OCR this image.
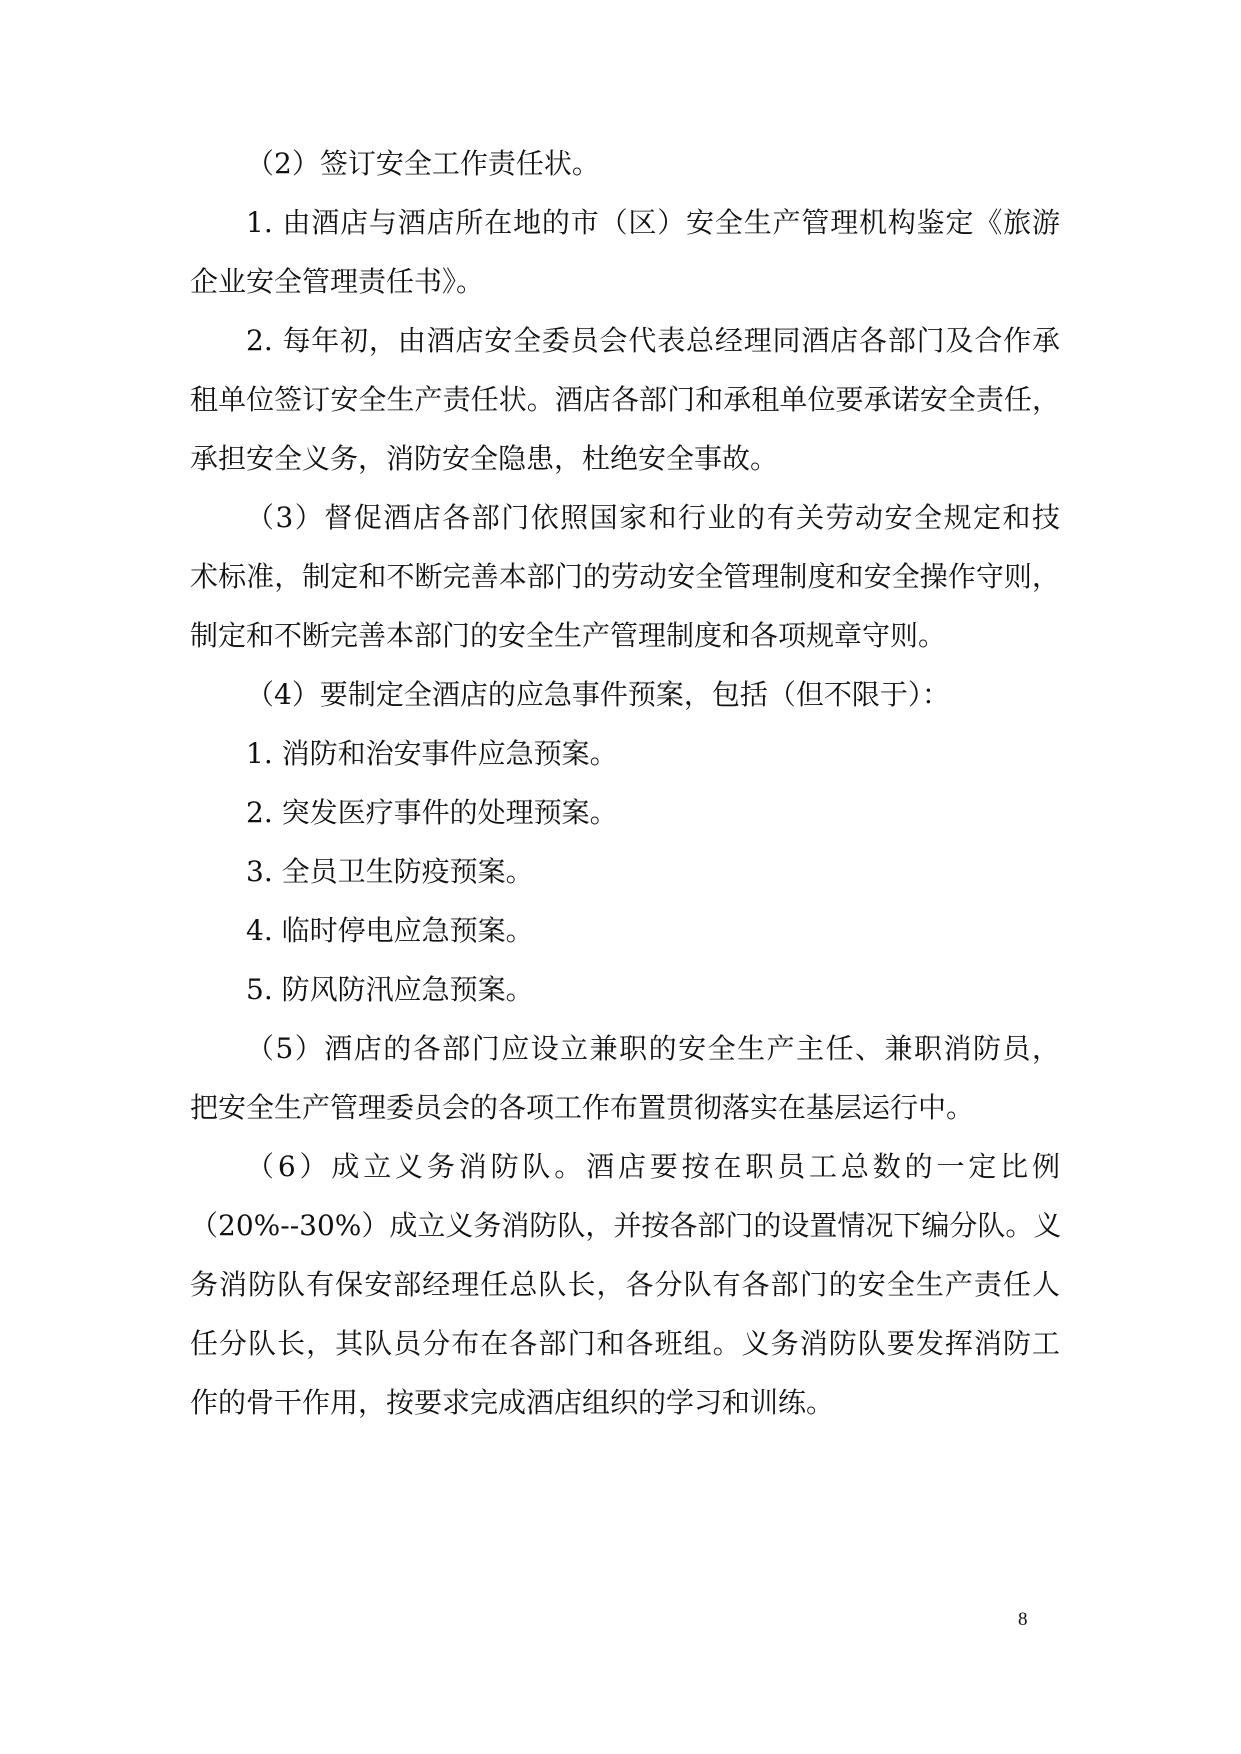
（2）签订安全工作责任状。
1. 由酒店与酒店所在地的市（区）安全生产管理机构鉴定《旅游
企业安全管理责任书》。
2. 每年初，由酒店安全委员会代表总经理同酒店各部门及合作承
租单位签订安全生产责任状。酒店各部门和承租单位要承诺安全责任，
承担安全义务，消防安全隐患，杜绝安全事故。
（3）督促酒店各部门依照国家和行业的有关劳动安全规定和技
术标准，制定和不断完善本部门的劳动安全管理制度和安全操作守则，
制定和不断完善本部门的安全生产管理制度和各项规章守则。
（4）要制定全酒店的应急事件预案，包括（但不限于）：
1. 消防和治安事件应急预案。
2. 突发医疗事件的处理预案。
3. 全员卫生防疫预案。
4. 临时停电应急预案。
5. 防风防汛应急预案。
（5）酒店的各部门应设立兼职的安全生产主任、兼职消防员，
把安全生产管理委员会的各项工作布置贯彻落实在基层运行中。
（6）成立义务消防队。酒店要按在职员工总数的一定比例
（20%--30%）成立义务消防队，并按各部门的设置情况下编分队。义
务消防队有保安部经理任总队长，各分队有各部门的安全生产责任人
任分队长，其队员分布在各部门和各班组。义务消防队要发挥消防工
作的骨干作用，按要求完成酒店组织的学习和训练。
8
